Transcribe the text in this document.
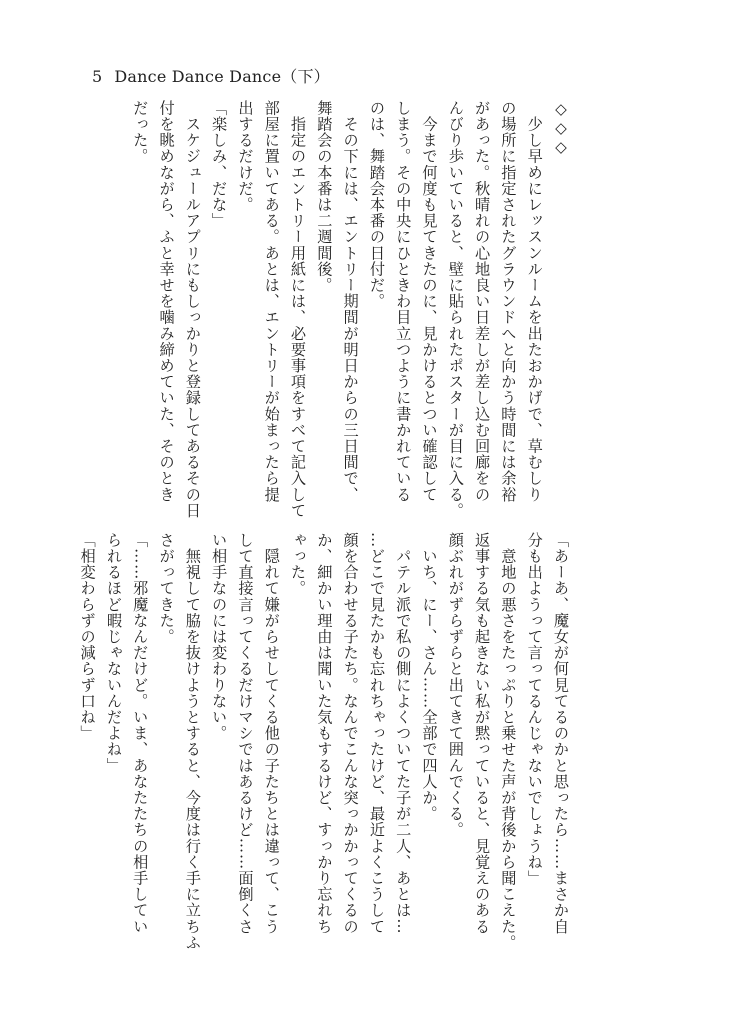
5 Dance Dance Dance（下）
◇◇◇
　少し早めにレッスンルームを出たおかげで、草むしり
の場所に指定されたグラウンドへと向かう時間には余裕
があった。秋晴れの心地良い日差しが差し込む回廊をの
んびり歩いていると、壁に貼られたポスターが目に入る。
　今まで何度も見てきたのに、見かけるとつい確認して
しまう。その中央にひときわ目立つように書かれている
のは、舞踏会本番の日付だ。
　その下には、エントリー期間が明日からの三日間で、
舞踏会の本番は二週間後。
　指定のエントリー用紙には、必要事項をすべて記入して
部屋に置いてある。あとは、エントリーが始まったら提
出するだけだ。
「楽しみ、だな」
　スケジュールアプリにもしっかりと登録してあるその日
付を眺めながら、ふと幸せを噛み締めていた、そのとき
だった。
「あーあ、魔女が何見てるのかと思ったら……まさか自
分も出ようって言ってるんじゃないでしょうね」
　意地の悪さをたっぷりと乗せた声が背後から聞こえた。
返事する気も起きない私が黙っていると、見覚えのある
顔ぶれがずらずらと出てきて囲んでくる。
　いち、にー、さん……全部で四人か。
　パテル派で私の側によくついてた子が二人、あとは…
…どこで見たかも忘れちゃったけど、最近よくこうして
顔を合わせる子たち。なんでこんな突っかかってくるの
か、細かい理由は聞いた気もするけど、すっかり忘れち
ゃった。
　隠れて嫌がらせしてくる他の子たちとは違って、こう
して直接言ってくるだけマシではあるけど……面倒くさ
い相手なのには変わりない。
　無視して脇を抜けようとすると、今度は行く手に立ちふ
さがってきた。
「……邪魔なんだけど。いま、あなたたちの相手してい
られるほど暇じゃないんだよね」
「相変わらずの減らず口ね」
